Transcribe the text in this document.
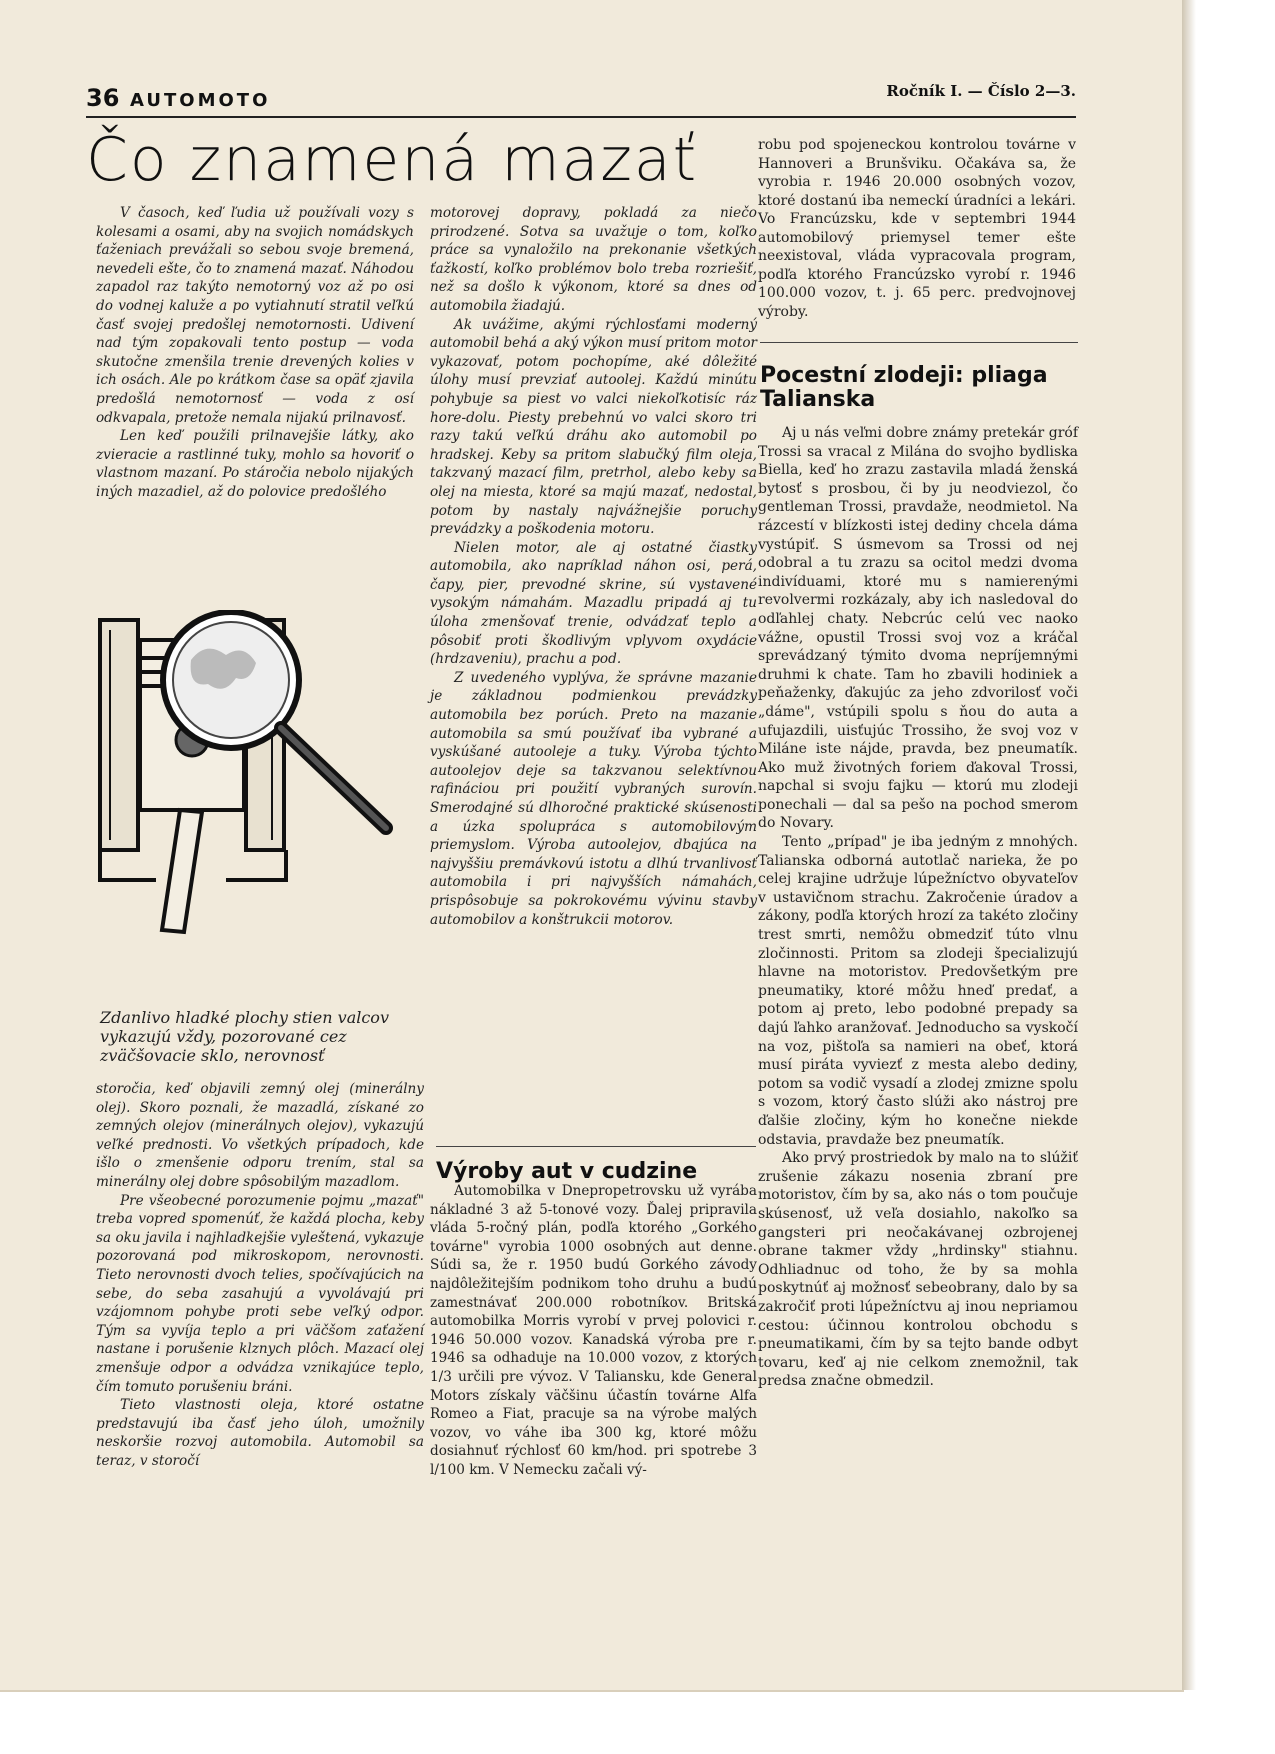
36 AUTOMOTO	Ročník I. — Číslo 2—3.
Čo znamená mazať

V časoch, keď ľudia už používali vozy s kolesami a osami, aby na svojich nomádskych ťaženiach prevážali so sebou svoje bremená, nevedeli ešte, čo to znamená mazať. Náhodou zapadol raz takýto nemotorný voz až po osi do vodnej kaluže a po vytiahnutí stratil veľkú časť svojej predošlej nemotornosti. Udivení nad tým zopakovali tento postup — voda skutočne zmenšila trenie drevených kolies v ich osách. Ale po krátkom čase sa opäť zjavila predošlá nemotornosť — voda z osí odkvapala, pretože nemala nijakú prilnavosť.

Len keď použili prilnavejšie látky, ako zvieracie a rastlinné tuky, mohlo sa hovoriť o vlastnom mazaní. Po stáročia nebolo nijakých iných mazadiel, až do polovice predošlého

Zdanlivo hladké plochy stien valcov vykazujú vždy, pozorované cez zväčšovacie sklo, nerovnosť

storočia, keď objavili zemný olej (minerálny olej). Skoro poznali, že mazadlá, získané zo zemných olejov (minerálnych olejov), vykazujú veľké prednosti. Vo všetkých prípadoch, kde išlo o zmenšenie odporu trením, stal sa minerálny olej dobre spôsobilým mazadlom.

Pre všeobecné porozumenie pojmu „mazať" treba vopred spomenúť, že každá plocha, keby sa oku javila i najhladkejšie vyleštená, vykazuje pozorovaná pod mikroskopom, nerovnosti. Tieto nerovnosti dvoch telies, spočívajúcich na sebe, do seba zasahujú a vyvolávajú pri vzájomnom pohybe proti sebe veľký odpor. Tým sa vyvíja teplo a pri väčšom zaťažení nastane i porušenie klznych plôch. Mazací olej zmenšuje odpor a odvádza vznikajúce teplo, čím tomuto porušeniu bráni.

Tieto vlastnosti oleja, ktoré ostatne predstavujú iba časť jeho úloh, umožnily neskoršie rozvoj automobila. Automobil sa teraz, v storočí

motorovej dopravy, pokladá za niečo prirodzené. Sotva sa uvažuje o tom, koľko práce sa vynaložilo na prekonanie všetkých ťažkostí, koľko problémov bolo treba rozriešiť, než sa došlo k výkonom, ktoré sa dnes od automobila žiadajú.

Ak uvážime, akými rýchlosťami moderný automobil behá a aký výkon musí pritom motor vykazovať, potom pochopíme, aké dôležité úlohy musí prevziať autoolej. Každú minútu pohybuje sa piest vo valci niekoľkotisíc ráz hore-dolu. Piesty prebehnú vo valci skoro tri razy takú veľkú dráhu ako automobil po hradskej. Keby sa pritom slabučký film oleja, takzvaný mazací film, pretrhol, alebo keby sa olej na miesta, ktoré sa majú mazať, nedostal, potom by nastaly najvážnejšie poruchy prevádzky a poškodenia motoru.

Nielen motor, ale aj ostatné čiastky automobila, ako napríklad náhon osi, perá, čapy, pier, prevodné skrine, sú vystavené vysokým námahám. Mazadlu pripadá aj tu úloha zmenšovať trenie, odvádzať teplo a pôsobiť proti škodlivým vplyvom oxydácie (hrdzaveniu), prachu a pod.

Z uvedeného vyplýva, že správne mazanie je základnou podmienkou prevádzky automobila bez porúch. Preto na mazanie automobila sa smú používať iba vybrané a vyskúšané autooleje a tuky. Výroba týchto autoolejov deje sa takzvanou selektívnou rafináciou pri použití vybraných surovín. Smerodajné sú dlhoročné praktické skúsenosti a úzka spolupráca s automobilovým priemyslom. Výroba autoolejov, dbajúca na najvyššiu premávkovú istotu a dlhú trvanlivosť automobila i pri najvyšších námahách, prispôsobuje sa pokrokovému vývinu stavby automobilov a konštrukcii motorov.

Výroby aut v cudzine

Automobilka v Dnepropetrovsku už vyrába nákladné 3 až 5-tonové vozy. Ďalej pripravila vláda 5-ročný plán, podľa ktorého „Gorkého továrne" vyrobia 1000 osobných aut denne. Súdi sa, že r. 1950 budú Gorkého závody najdôležitejším podnikom toho druhu a budú zamestnávať 200.000 robotníkov. Britská automobilka Morris vyrobí v prvej polovici r. 1946 50.000 vozov. Kanadská výroba pre r. 1946 sa odhaduje na 10.000 vozov, z ktorých 1/3 určili pre vývoz. V Taliansku, kde General Motors získaly väčšinu účastín továrne Alfa Romeo a Fiat, pracuje sa na výrobe malých vozov, vo váhe iba 300 kg, ktoré môžu dosiahnuť rýchlosť 60 km/hod. pri spotrebe 3 l/100 km. V Nemecku začali vý-

robu pod spojeneckou kontrolou továrne v Hannoveri a Brunšviku. Očakáva sa, že vyrobia r. 1946 20.000 osobných vozov, ktoré dostanú iba nemeckí úradníci a lekári. Vo Francúzsku, kde v septembri 1944 automobilový priemysel temer ešte neexistoval, vláda vypracovala program, podľa ktorého Francúzsko vyrobí r. 1946 100.000 vozov, t. j. 65 perc. predvojnovej výroby.

Pocestní zlodeji: pliaga Talianska

Aj u nás veľmi dobre známy pretekár gróf Trossi sa vracal z Milána do svojho bydliska Biella, keď ho zrazu zastavila mladá ženská bytosť s prosbou, či by ju neodviezol, čo gentleman Trossi, pravdaže, neodmietol. Na rázcestí v blízkosti istej dediny chcela dáma vystúpiť. S úsmevom sa Trossi od nej odobral a tu zrazu sa ocitol medzi dvoma indivíduami, ktoré mu s namierenými revolvermi rozkázaly, aby ich nasledoval do odľahlej chaty. Nebcrúc celú vec naoko vážne, opustil Trossi svoj voz a kráčal sprevádzaný týmito dvoma nepríjemnými druhmi k chate. Tam ho zbavili hodiniek a peňaženky, ďakujúc za jeho zdvorilosť voči „dáme", vstúpili spolu s ňou do auta a ufujazdili, uisťujúc Trossiho, že svoj voz v Miláne iste nájde, pravda, bez pneumatík. Ako muž životných foriem ďakoval Trossi, napchal si svoju fajku — ktorú mu zlodeji ponechali — dal sa pešo na pochod smerom do Novary.

Tento „prípad" je iba jedným z mnohých. Talianska odborná autotlač narieka, že po celej krajine udržuje lúpežníctvo obyvateľov v ustavičnom strachu. Zakročenie úradov a zákony, podľa ktorých hrozí za takéto zločiny trest smrti, nemôžu obmedziť túto vlnu zločinnosti. Pritom sa zlodeji špecializujú hlavne na motoristov. Predovšetkým pre pneumatiky, ktoré môžu hneď predať, a potom aj preto, lebo podobné prepady sa dajú ľahko aranžovať. Jednoducho sa vyskočí na voz, pištoľa sa namieri na obeť, ktorá musí piráta vyviezť z mesta alebo dediny, potom sa vodič vysadí a zlodej zmizne spolu s vozom, ktorý často slúži ako nástroj pre ďalšie zločiny, kým ho konečne niekde odstavia, pravdaže bez pneumatík.

Ako prvý prostriedok by malo na to slúžiť zrušenie zákazu nosenia zbraní pre motoristov, čím by sa, ako nás o tom poučuje skúsenosť, už veľa dosiahlo, nakoľko sa gangsteri pri neočakávanej ozbrojenej obrane takmer vždy „hrdinsky" stiahnu. Odhliadnuc od toho, že by sa mohla poskytnúť aj možnosť sebeobrany, dalo by sa zakročiť proti lúpežníctvu aj inou nepriamou cestou: účinnou kontrolou obchodu s pneumatikami, čím by sa tejto bande odbyt tovaru, keď aj nie celkom znemožnil, tak predsa značne obmedzil.
